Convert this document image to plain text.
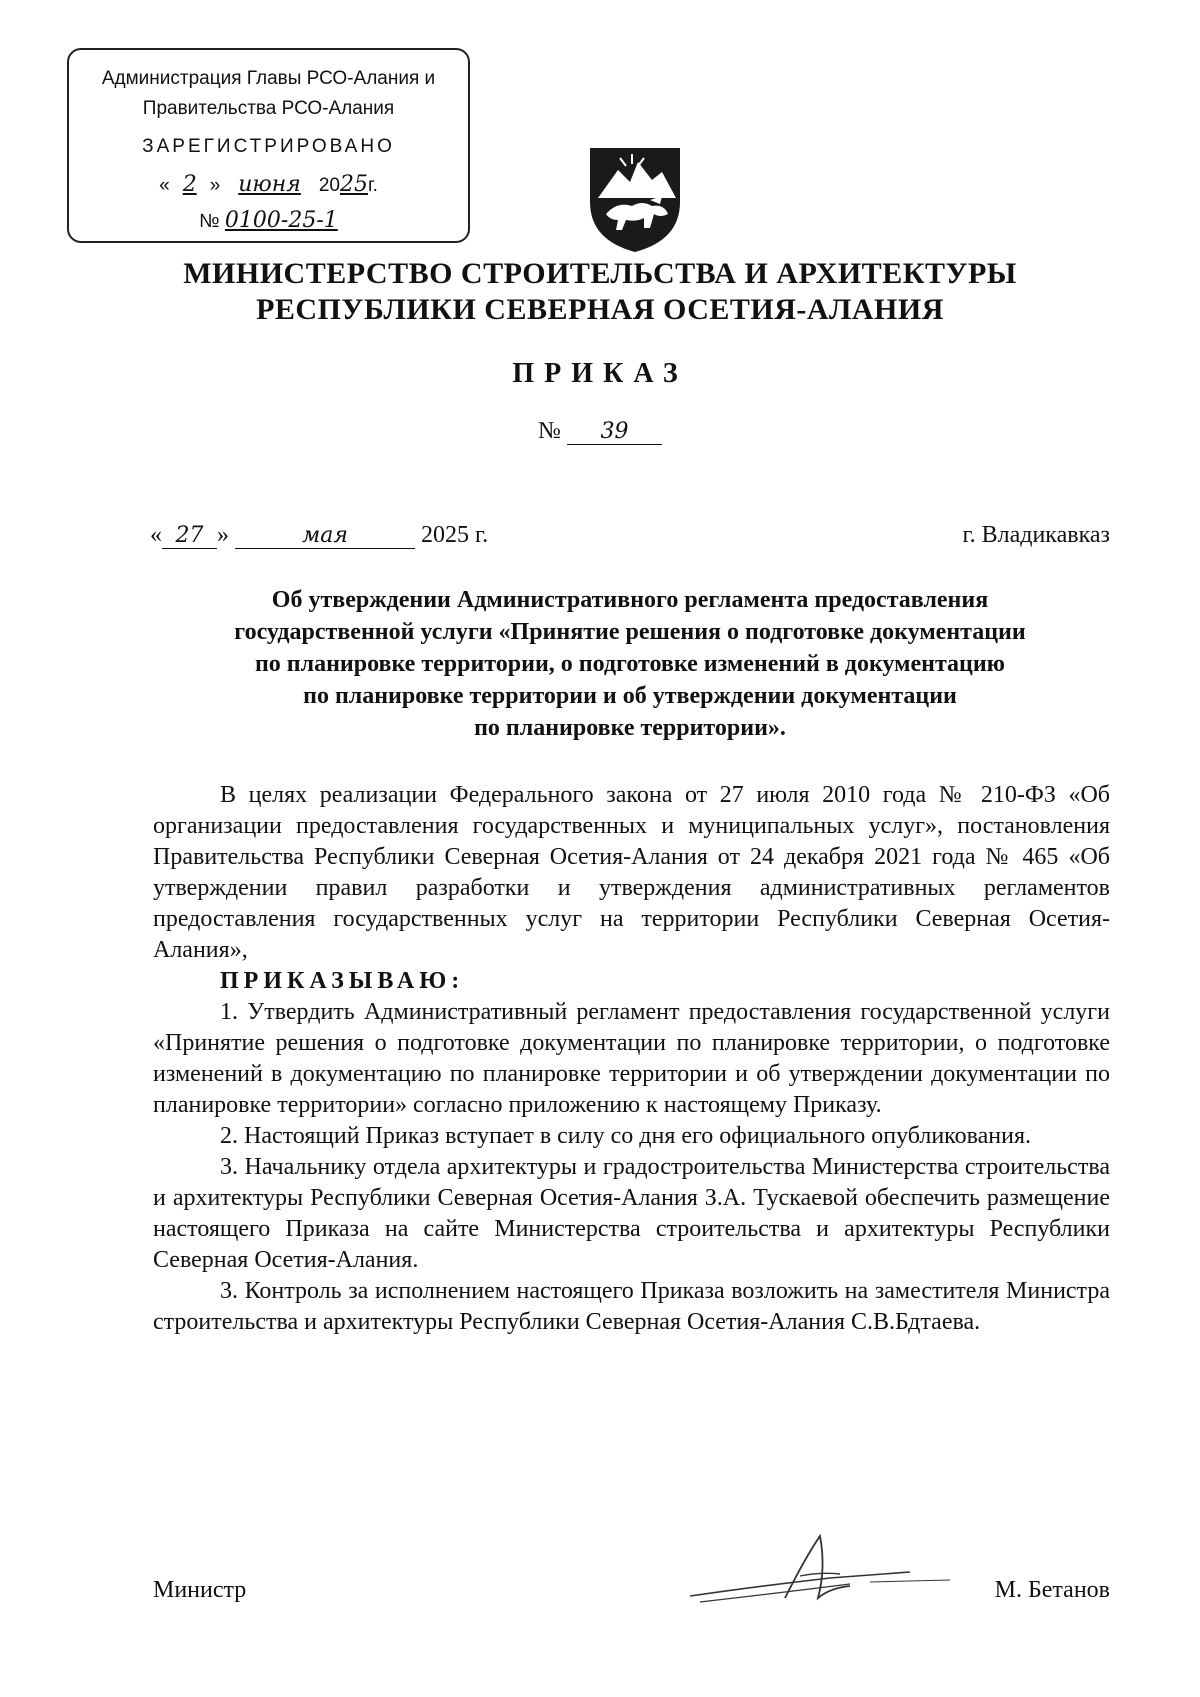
Администрация Главы РСО-Алания и
Правительства РСО-Алания
ЗАРЕГИСТРИРОВАНО
« 2 » июня 2025г.
№ 0100-25-1
МИНИСТЕРСТВО СТРОИТЕЛЬСТВА И АРХИТЕКТУРЫ
РЕСПУБЛИКИ СЕВЕРНАЯ ОСЕТИЯ-АЛАНИЯ
ПРИКАЗ
№ 39
« 27 »	мая	2025 г.	г. Владикавказ
Об утверждении Административного регламента предоставления
государственной услуги «Принятие решения о подготовке документации
по планировке территории, о подготовке изменений в документацию
по планировке территории и об утверждении документации
по планировке территории».

В целях реализации Федерального закона от 27 июля 2010 года № 210-ФЗ «Об организации предоставления государственных и муниципальных услуг», постановления Правительства Республики Северная Осетия-Алания от 24 декабря 2021 года № 465 «Об утверждении правил разработки и утверждения административных регламентов предоставления государственных услуг на территории Республики Северная Осетия-Алания»,

ПРИКАЗЫВАЮ:

1. Утвердить Административный регламент предоставления государственной услуги «Принятие решения о подготовке документации по планировке территории, о подготовке изменений в документацию по планировке территории и об утверждении документации по планировке территории» согласно приложению к настоящему Приказу.

2. Настоящий Приказ вступает в силу со дня его официального опубликования.

3. Начальнику отдела архитектуры и градостроительства Министерства строительства и архитектуры Республики Северная Осетия-Алания З.А. Тускаевой обеспечить размещение настоящего Приказа на сайте Министерства строительства и архитектуры Республики Северная Осетия-Алания.

3. Контроль за исполнением настоящего Приказа возложить на заместителя Министра строительства и архитектуры Республики Северная Осетия-Алания С.В.Бдтаева.

Министр	М. Бетанов
